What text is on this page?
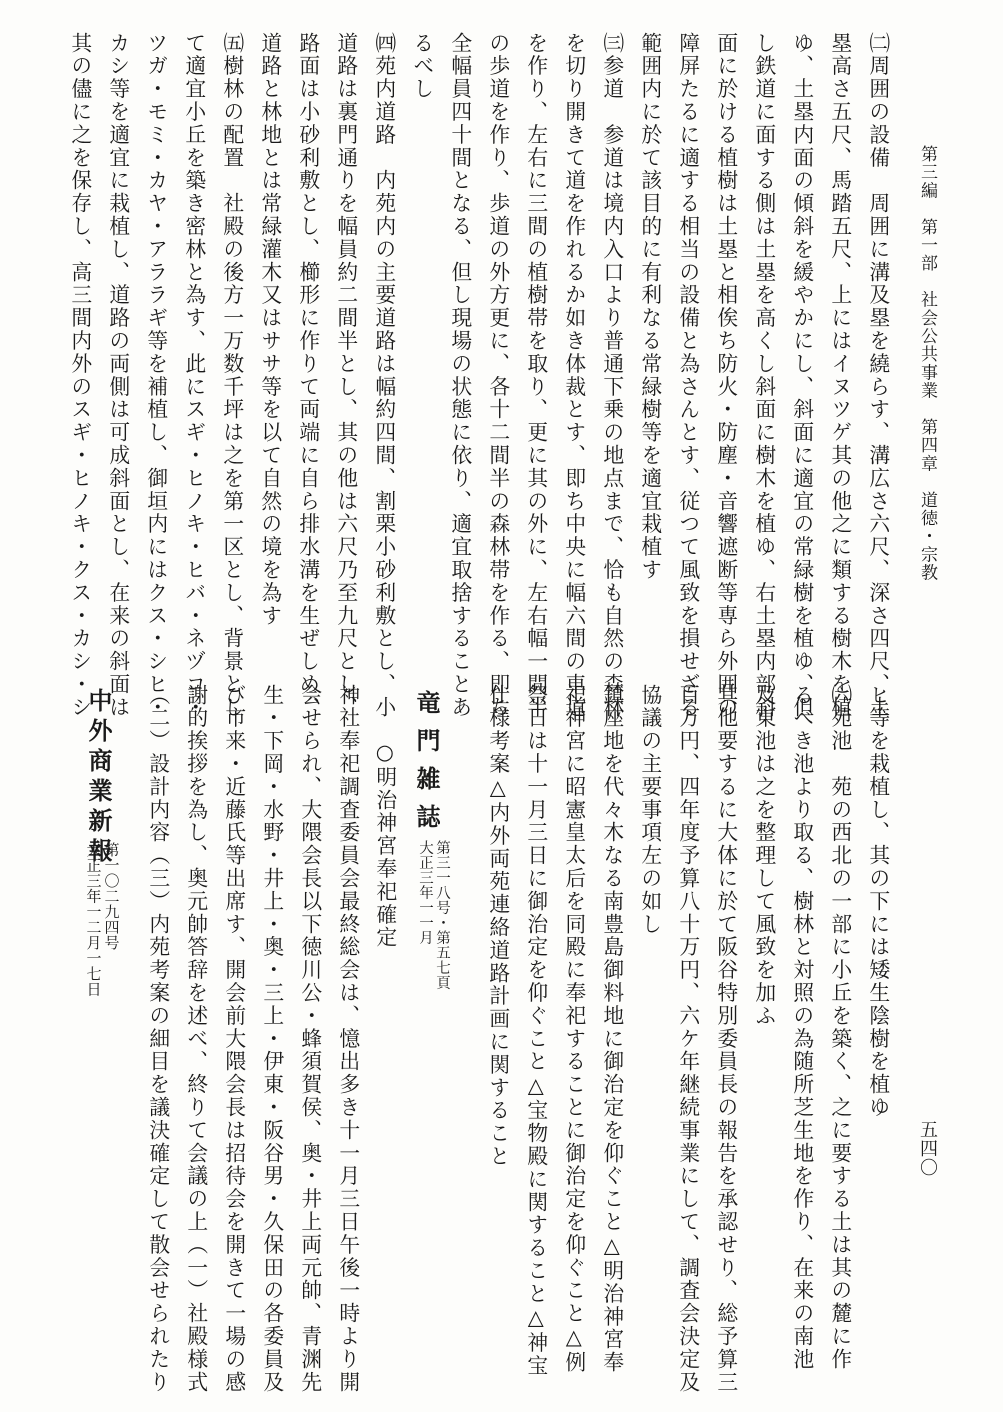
第三編　第一部　社会公共事業　第四章　道徳・宗教
五四〇
㈡周囲の設備　周囲に溝及塁を繞らす、溝広さ六尺、深さ四尺、土
塁高さ五尺、馬踏五尺、上にはイヌツゲ其の他之に類する樹木を植
ゆ、土塁内面の傾斜を緩やかにし、斜面に適宜の常緑樹を植ゆ、但
し鉄道に面する側は土塁を高くし斜面に樹木を植ゆ、右土塁内部斜
面に於ける植樹は土塁と相俟ち防火・防塵・音響遮断等専ら外囲の
障屏たるに適する相当の設備と為さんとす、従つて風致を損せざる
範囲内に於て該目的に有利なる常緑樹等を適宜栽植す
㈢参道　参道は境内入口より普通下乗の地点まで、恰も自然の森林
を切り開きて道を作れるか如き体裁とす、即ち中央に幅六間の車道
を作り、左右に三間の植樹帯を取り、更に其の外に、左右幅一間半
の歩道を作り、歩道の外方更に、各十二間半の森林帯を作る、即ち
全幅員四十間となる、但し現場の状態に依り、適宜取捨することあ
るべし
㈣苑内道路　内苑内の主要道路は幅約四間、割栗小砂利敷とし、小
道路は裏門通りを幅員約二間半とし、其の他は六尺乃至九尺とし、
路面は小砂利敷とし、櫛形に作りて両端に自ら排水溝を生ぜしめ、
道路と林地とは常緑灌木又はササ等を以て自然の境を為す
㈤樹林の配置　社殿の後方一万数千坪は之を第一区とし、背景とし
て適宜小丘を築き密林と為す、此にスギ・ヒノキ・ヒバ・ネヅコ・
ツガ・モミ・カヤ・アララギ等を補植し、御垣内にはクス・シヒ・
カシ等を適宜に栽植し、道路の両側は可成斜面とし、在来の斜面は
其の儘に之を保存し、高三間内外のスギ・ヒノキ・クス・カシ・シ
ヒ等を栽植し、其の下には矮生陰樹を植ゆ
㈥苑池　苑の西北の一部に小丘を築く、之に要する土は其の麓に作
るべき池より取る、樹林と対照の為随所芝生地を作り、在来の南池
及東池は之を整理して風致を加ふ
其他要するに大体に於て阪谷特別委員長の報告を承認せり、総予算三
百万円、四年度予算八十万円、六ケ年継続事業にして、調査会決定及
協議の主要事項左の如し
鎮座地を代々木なる南豊島御料地に御治定を仰ぐこと△明治神宮奉
祀神宮に昭憲皇太后を同殿に奉祀することに御治定を仰ぐこと△例
祭日は十一月三日に御治定を仰ぐこと△宝物殿に関すること△神宝
仕様考案△内外両苑連絡道路計画に関すること
竜門雑誌
第三一八号・第五七頁
大正三年一一月
○明治神宮奉祀確定
神社奉祀調査委員会最終総会は、憶出多き十一月三日午後一時より開
会せられ、大隈会長以下徳川公・蜂須賀侯、奥・井上両元帥、青渊先
生・下岡・水野・井上・奥・三上・伊東・阪谷男・久保田の各委員及
び市来・近藤氏等出席す、開会前大隈会長は招待会を開きて一場の感
謝的挨拶を為し、奥元帥答辞を述べ、終りて会議の上（一）社殿様式
（二）設計内容（三）内苑考案の細目を議決確定して散会せられたり
中外商業新報
第一〇二九四号
大正三年一二月一七日
